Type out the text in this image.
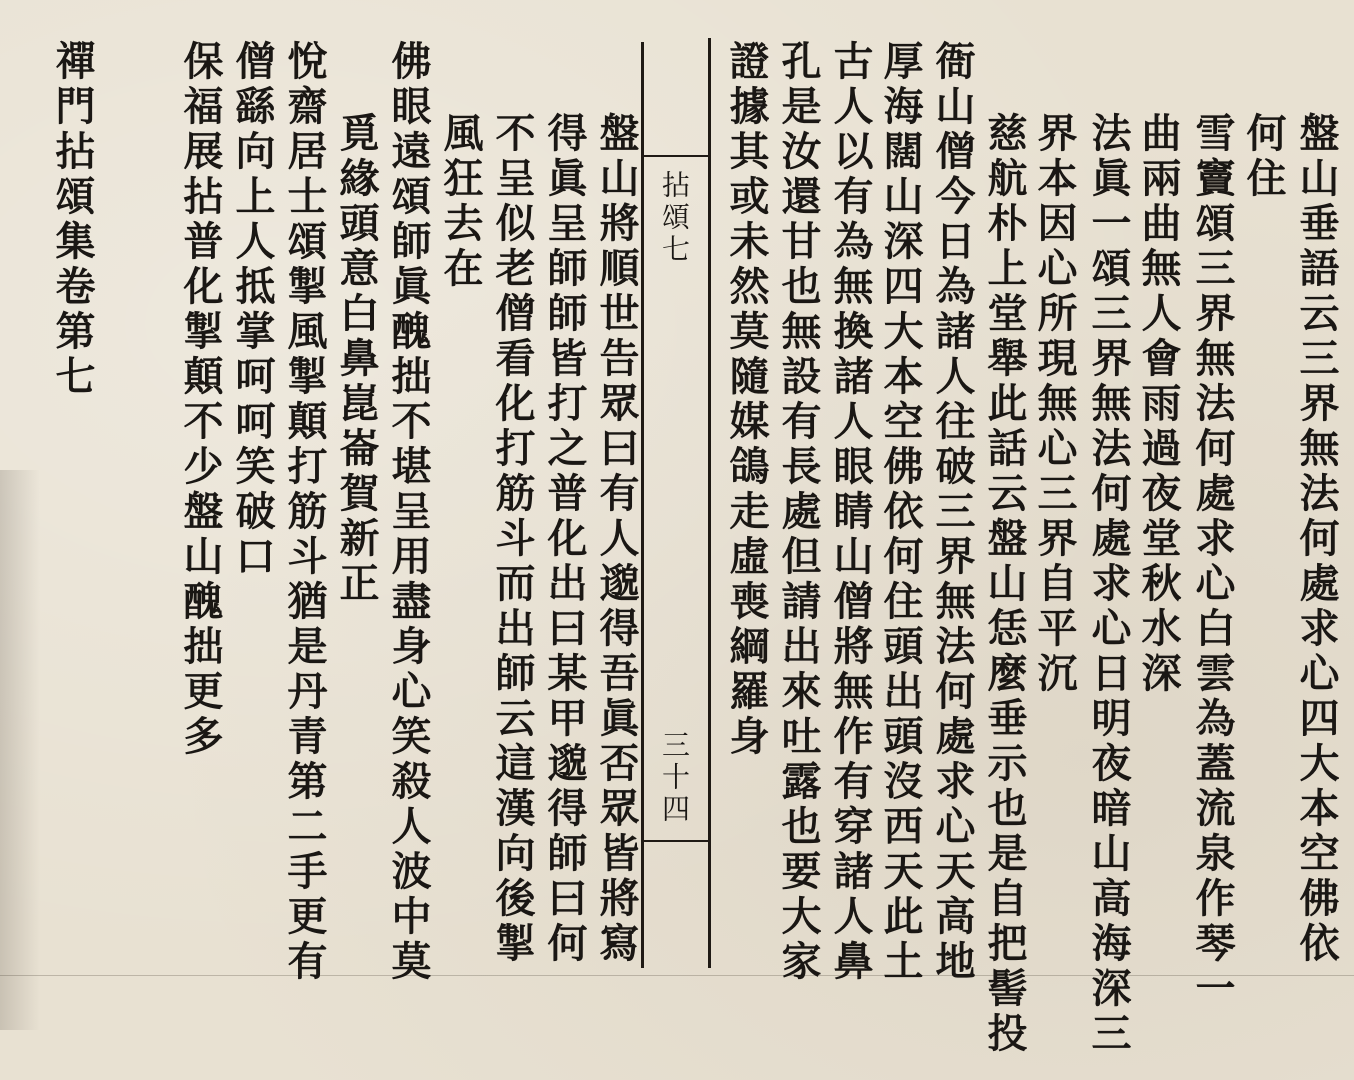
盤山垂語云三界無法何處求心四大本空佛依
何住
雪竇頌三界無法何處求心白雲為蓋流泉作琴一
曲兩曲無人會雨過夜堂秋水深
法眞一頌三界無法何處求心日明夜暗山高海深三
界本因心所現無心三界自平沉
慈航朴上堂舉此話云盤山恁麼垂示也是自把髻投
衙山僧今日為諸人往破三界無法何處求心天高地
厚海闊山深四大本空佛依何住頭出頭沒西天此土
古人以有為無換諸人眼睛山僧將無作有穿諸人鼻
孔是汝還甘也無設有長處但請出來吐露也要大家
證據其或未然莫隨媒鴿走虛喪綱羅身
拈頌七
三十四
盤山將順世告眾曰有人邈得吾眞否眾皆將寫
得眞呈師師皆打之普化出曰某甲邈得師曰何
不呈似老僧看化打筋斗而出師云這漢向後掣
風狂去在
佛眼遠頌師眞醜拙不堪呈用盡身心笑殺人波中莫
覓緣頭意白鼻崑崙賀新正
悅齋居士頌掣風掣顛打筋斗猶是丹青第二手更有
僧繇向上人抵掌呵呵笑破口
保福展拈普化掣顛不少盤山醜拙更多
禪門拈頌集卷第七
